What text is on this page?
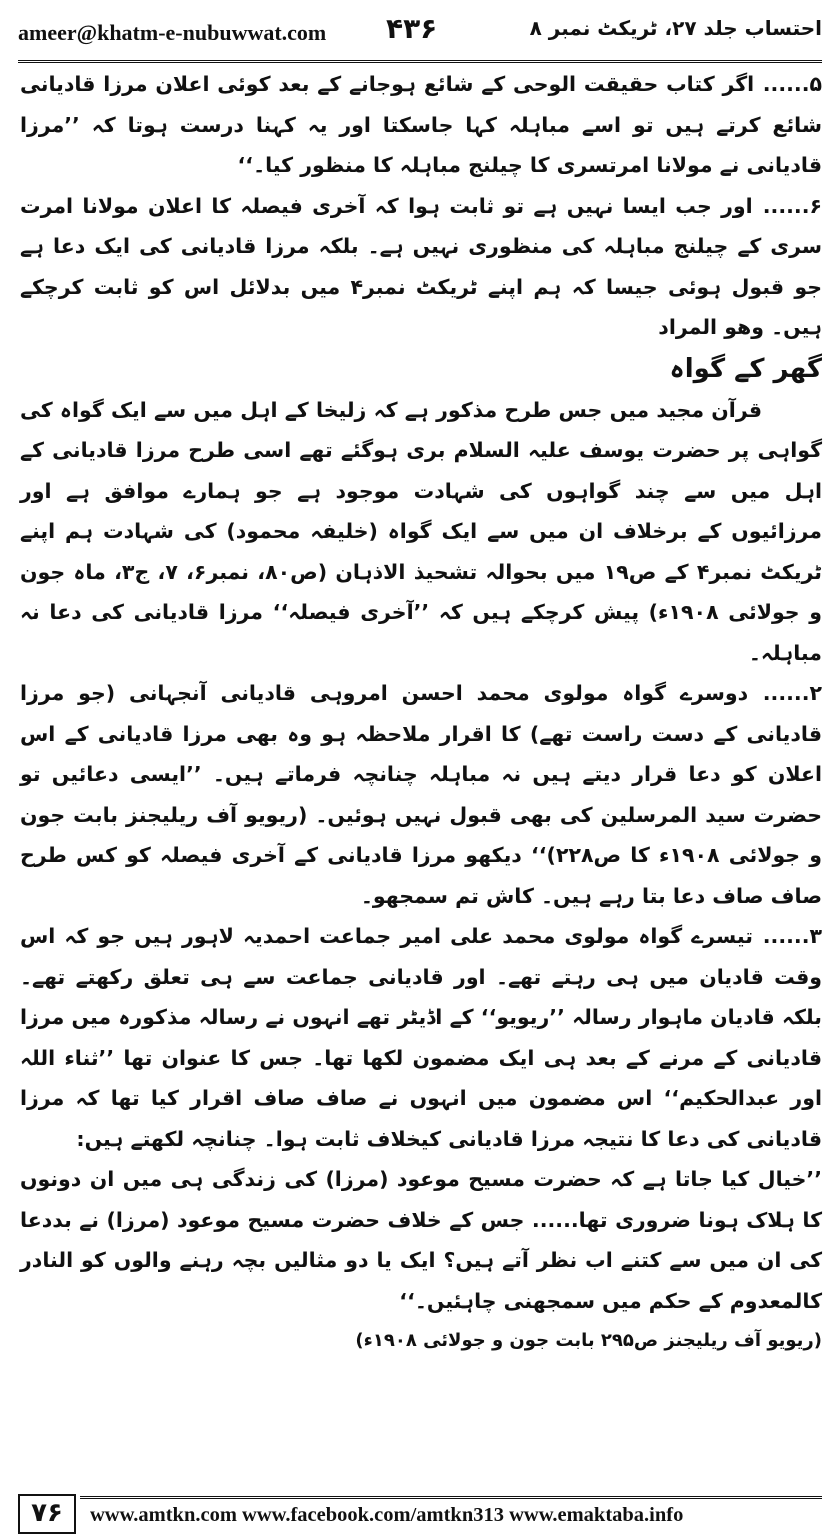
ameer@khatm-e-nubuwwat.com ۴۳۶	احتساب جلد ۲۷، ٹریکٹ نمبر ۸

۵...... اگر کتاب حقیقت الوحی کے شائع ہوجانے کے بعد کوئی اعلان مرزا قادیانی شائع کرتے ہیں تو اسے مباہلہ کہا جاسکتا اور یہ کہنا درست ہوتا کہ ’’مرزا قادیانی نے مولانا امرتسری کا چیلنج مباہلہ کا منظور کیا۔‘‘

۶...... اور جب ایسا نہیں ہے تو ثابت ہوا کہ آخری فیصلہ کا اعلان مولانا امرت سری کے چیلنج مباہلہ کی منظوری نہیں ہے۔ بلکہ مرزا قادیانی کی ایک دعا ہے جو قبول ہوئی جیسا کہ ہم اپنے ٹریکٹ نمبر۴ میں بدلائل اس کو ثابت کرچکے ہیں۔ وھو المراد

گھر کے گواہ

قرآن مجید میں جس طرح مذکور ہے کہ زلیخا کے اہل میں سے ایک گواہ کی گواہی پر حضرت یوسف علیہ السلام بری ہوگئے تھے اسی طرح مرزا قادیانی کے اہل میں سے چند گواہوں کی شہادت موجود ہے جو ہمارے موافق ہے اور مرزائیوں کے برخلاف ان میں سے ایک گواہ (خلیفہ محمود) کی شہادت ہم اپنے ٹریکٹ نمبر۴ کے ص۱۹ میں بحوالہ تشحیذ الاذہان (ص۸۰، نمبر۶، ۷، ج۳، ماہ جون و جولائی ۱۹۰۸ء) پیش کرچکے ہیں کہ ’’آخری فیصلہ‘‘ مرزا قادیانی کی دعا نہ مباہلہ۔

۲...... دوسرے گواہ مولوی محمد احسن امروہی قادیانی آنجہانی (جو مرزا قادیانی کے دست راست تھے) کا اقرار ملاحظہ ہو وہ بھی مرزا قادیانی کے اس اعلان کو دعا قرار دیتے ہیں نہ مباہلہ چنانچہ فرماتے ہیں۔ ’’ایسی دعائیں تو حضرت سید المرسلین کی بھی قبول نہیں ہوئیں۔ (ریویو آف ریلیجنز بابت جون و جولائی ۱۹۰۸ء کا ص۲۲۸)‘‘ دیکھو مرزا قادیانی کے آخری فیصلہ کو کس طرح صاف صاف دعا بتا رہے ہیں۔ کاش تم سمجھو۔

۳...... تیسرے گواہ مولوی محمد علی امیر جماعت احمدیہ لاہور ہیں جو کہ اس وقت قادیان میں ہی رہتے تھے۔ اور قادیانی جماعت سے ہی تعلق رکھتے تھے۔ بلکہ قادیان ماہوار رسالہ ’’ریویو‘‘ کے اڈیٹر تھے انہوں نے رسالہ مذکورہ میں مرزا قادیانی کے مرنے کے بعد ہی ایک مضمون لکھا تھا۔ جس کا عنوان تھا ’’ثناء اللہ اور عبدالحکیم‘‘ اس مضمون میں انہوں نے صاف صاف اقرار کیا تھا کہ مرزا قادیانی کی دعا کا نتیجہ مرزا قادیانی کیخلاف ثابت ہوا۔ چنانچہ لکھتے ہیں:

’’خیال کیا جاتا ہے کہ حضرت مسیح موعود (مرزا) کی زندگی ہی میں ان دونوں کا ہلاک ہونا ضروری تھا...... جس کے خلاف حضرت مسیح موعود (مرزا) نے بددعا کی ان میں سے کتنے اب نظر آتے ہیں؟ ایک یا دو مثالیں بچہ رہنے والوں کو النادر کالمعدوم کے حکم میں سمجھنی چاہئیں۔‘‘

(ریویو آف ریلیجنز ص۲۹۵ بابت جون و جولائی ۱۹۰۸ء)

۷۶	www.amtkn.com www.facebook.com/amtkn313 www.emaktaba.info
